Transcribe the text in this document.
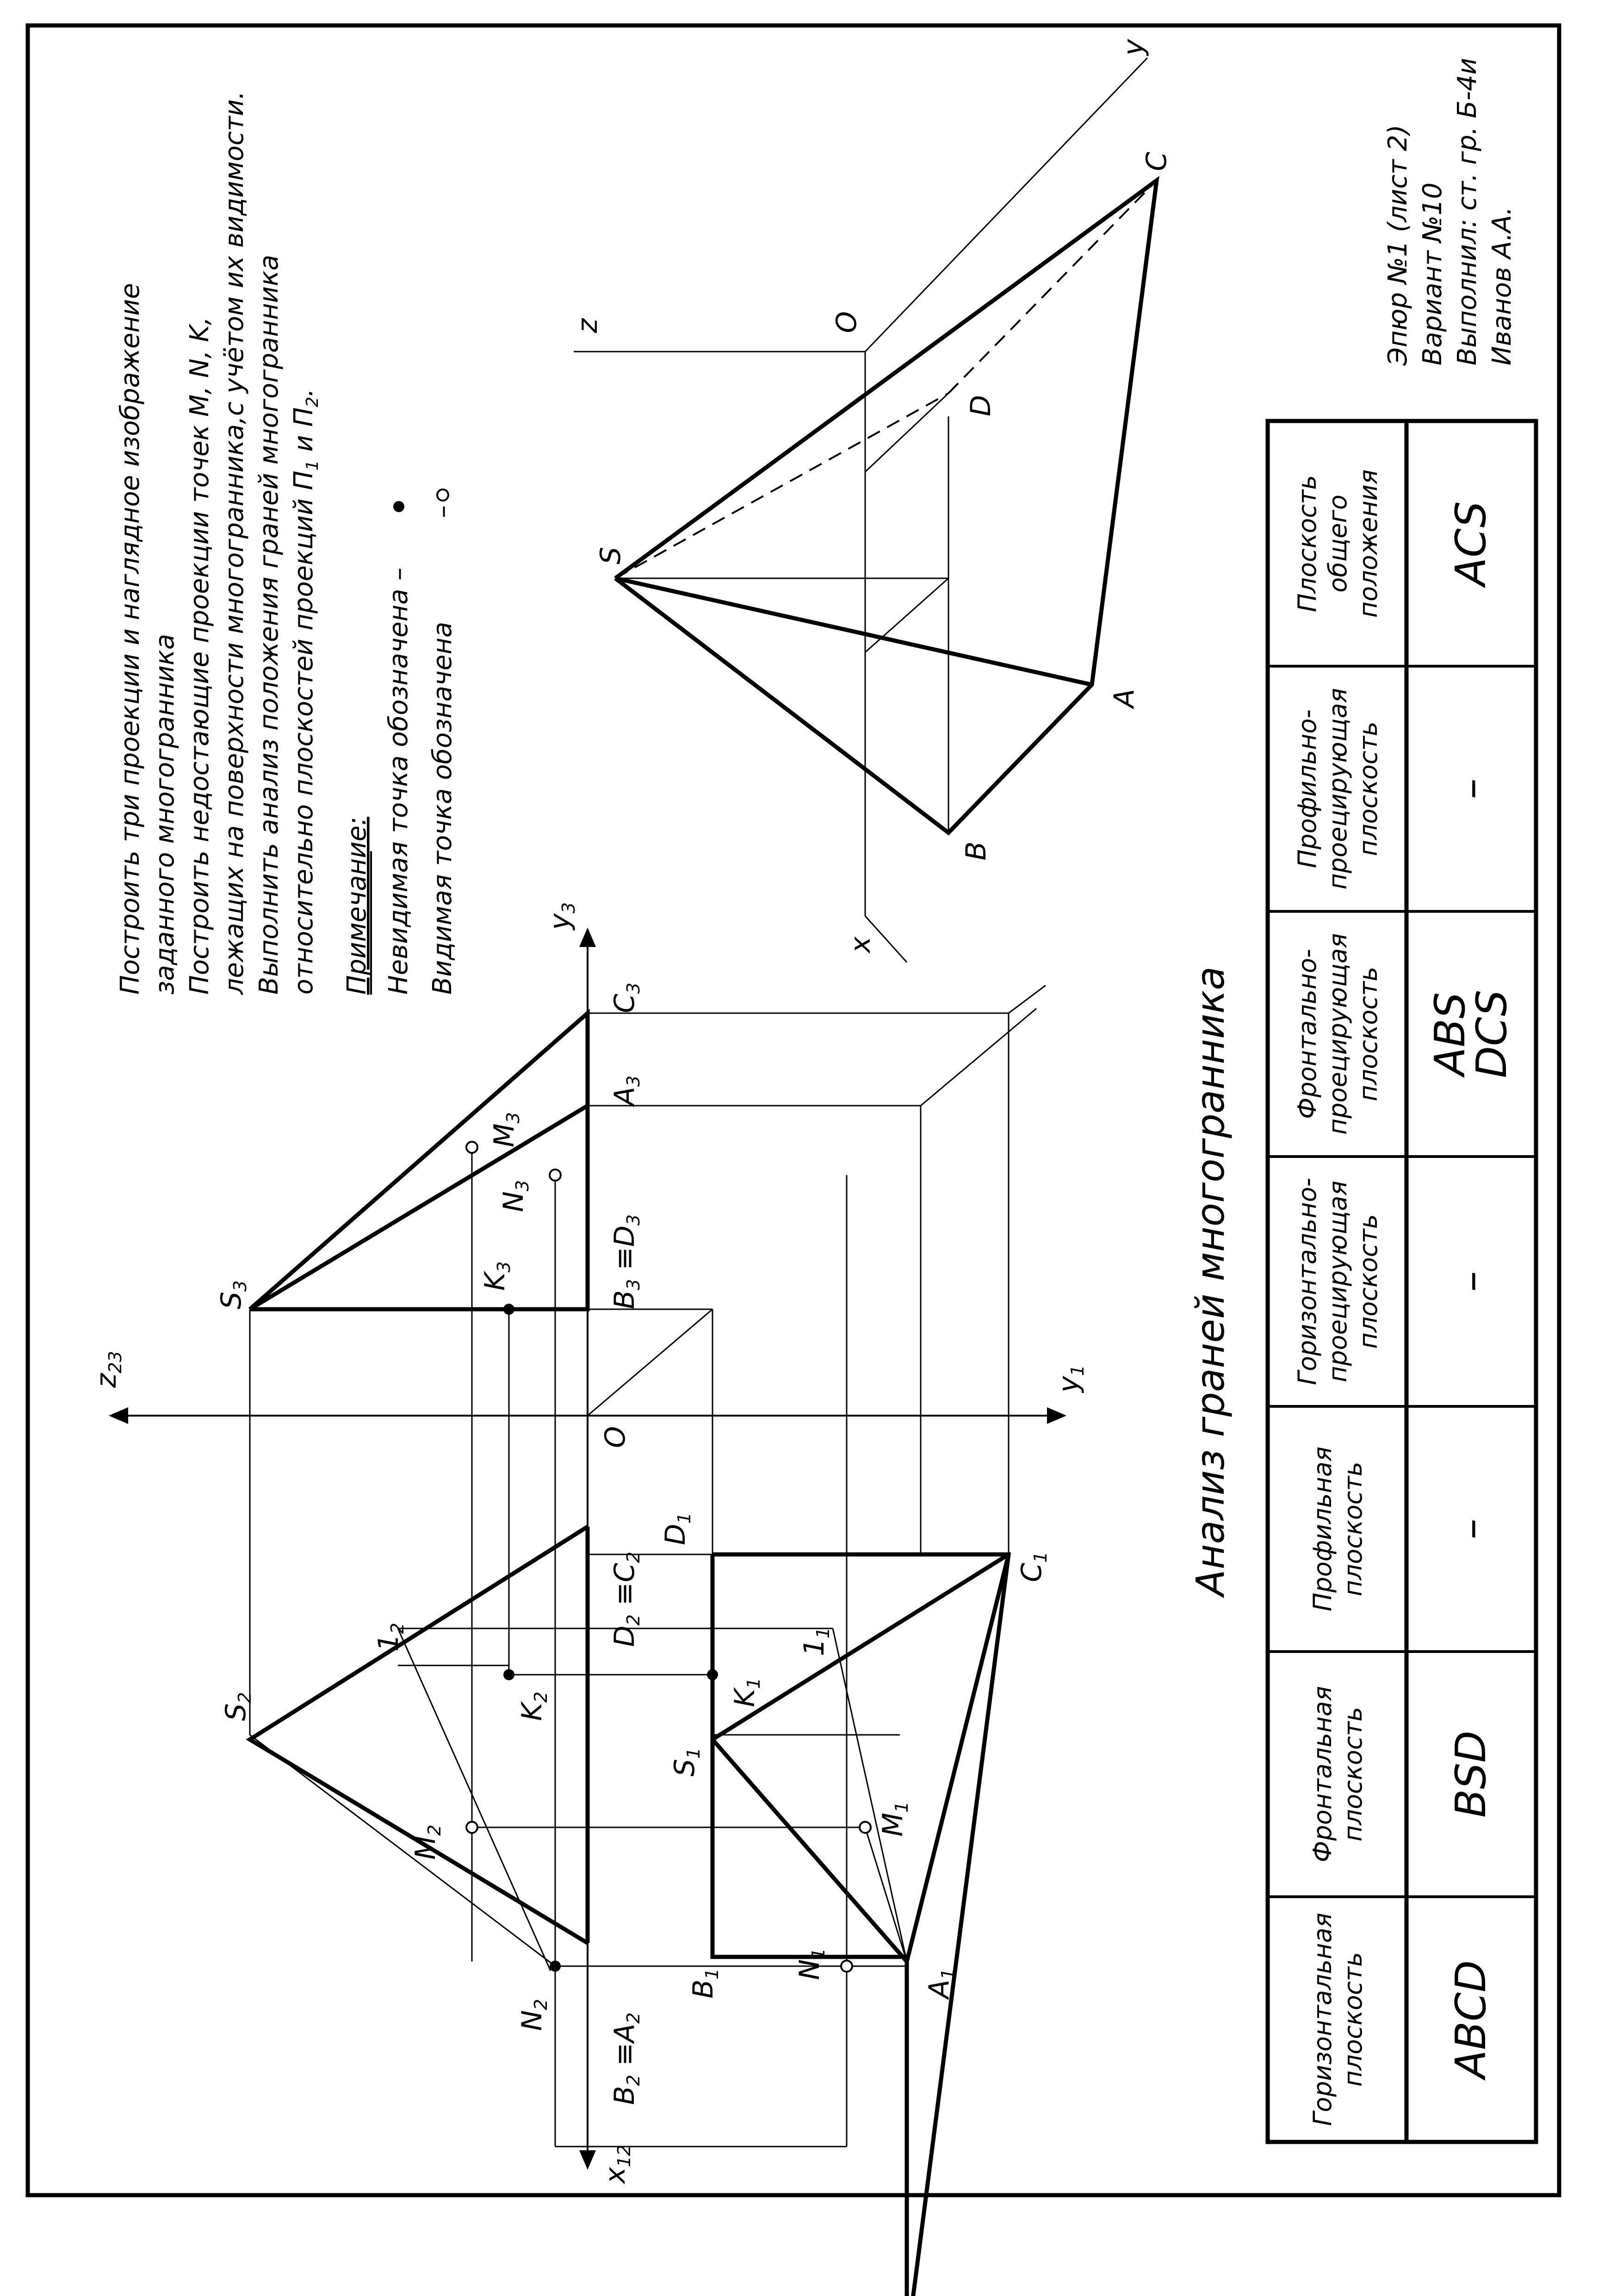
Построить три проекции и наглядное изображение заданного многогранника Построить недостающие проекции точек M, N, K, лежащих на поверхности многогранника,с учётом их видимости. Выполнить анализ положения граней многогранника относительно плоскостей проекций $П_1$ и $П_2$.
Примечание: Невидимая точка обозначена – Видимая точка обозначена
–
Эпюр №1 (лист 2) Вариант №10 Выполнил: ст. гр. Б-4и Иванов А.А.
$z_{23}$
$x_{12}$
$y_1$
$y_3$
O
$S_2$
$S_3$
$S_1$
$A_1$
$B_1$
$C_1$
$D_1$
$A_3$
$C_3$
$B_3 \equiv D_3$
$B_2 \equiv A_2$
$D_2 \equiv C_2$
$M_1$
$M_2$
$M_3$
$N_1$
$N_2$
$N_3$
$K_1$
$K_2$
$K_3$
$1_1$
$1_2$
z
y
x
O
S
A
B
C
D
Анализ граней многогранника
Горизонтальная плоскость ABCD
Фронтальная плоскость BSD
Профильная плоскость –
Горизонтально- проецирующая плоскость –
Фронтально- проецирующая плоскость ABS
DCS
Профильно- проецирующая плоскость –
Плоскость общего положения ACS
